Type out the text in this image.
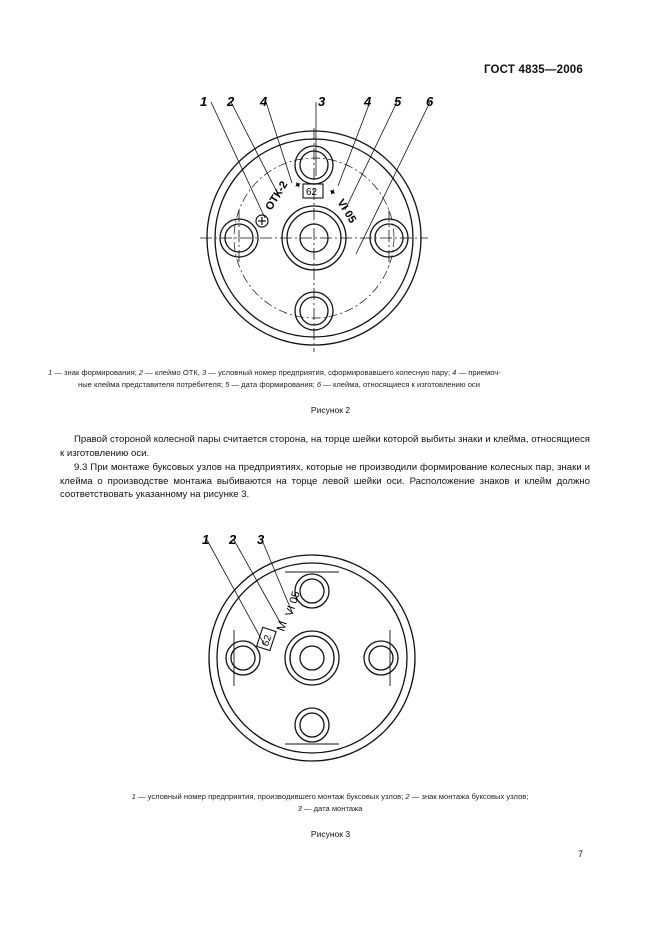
ГОСТ 4835—2006
1 2 4	3	4 5 6
ОТК-2 ✦ 62 ✦
VI 05
1 — знак формирования; 2 — клеймо ОТК, 3 — условный номер предприятия, сформировавшего колесную пару; 4 — приемоч-
ные клейма представителя потребителя; 5 — дата формирования; 6 — клейма, относящиеся к изготовлению оси
Рисунок 2
Правой стороной колесной пары считается сторона, на торце шейки которой выбиты знаки и клейма, относящиеся к изготовлению оси.
9.3 При монтаже буксовых узлов на предприятиях, которые не производили формирование колесных пар, знаки и клейма о производстве монтажа выбиваются на торце левой шейки оси. Расположение знаков и клейм должно соответствовать указанному на рисунке 3.
1 2 3
62
M
VI 05
1 — условный номер предприятия, производившего монтаж буксовых узлов; 2 — знак монтажа буксовых узлов;
3 — дата монтажа
Рисунок 3
7
